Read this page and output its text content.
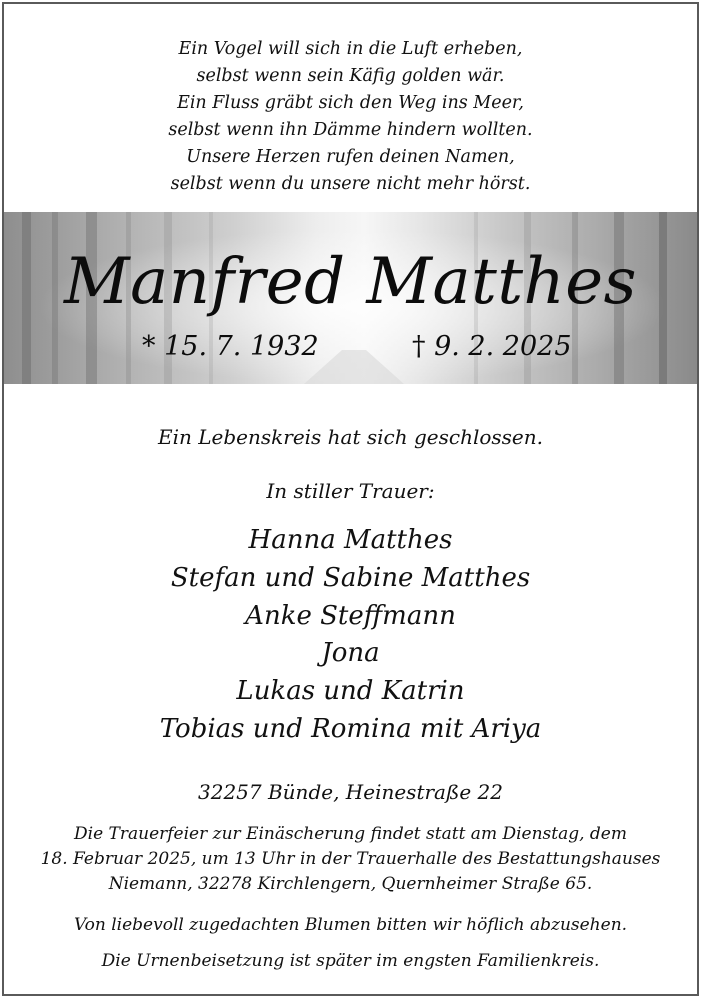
Ein Vogel will sich in die Luft erheben,
selbst wenn sein Käfig golden wär.
Ein Fluss gräbt sich den Weg ins Meer,
selbst wenn ihn Dämme hindern wollten.
Unsere Herzen rufen deinen Namen,
selbst wenn du unsere nicht mehr hörst.
Manfred Matthes
* 15. 7. 1932	† 9. 2. 2025
Ein Lebenskreis hat sich geschlossen.
In stiller Trauer:
Hanna Matthes
Stefan und Sabine Matthes
Anke Steffmann
Jona
Lukas und Katrin
Tobias und Romina mit Ariya
32257 Bünde, Heinestraße 22
Die Trauerfeier zur Einäscherung findet statt am Dienstag, dem
18. Februar 2025, um 13 Uhr in der Trauerhalle des Bestattungshauses
Niemann, 32278 Kirchlengern, Quernheimer Straße 65.
Von liebevoll zugedachten Blumen bitten wir höflich abzusehen.
Die Urnenbeisetzung ist später im engsten Familienkreis.
